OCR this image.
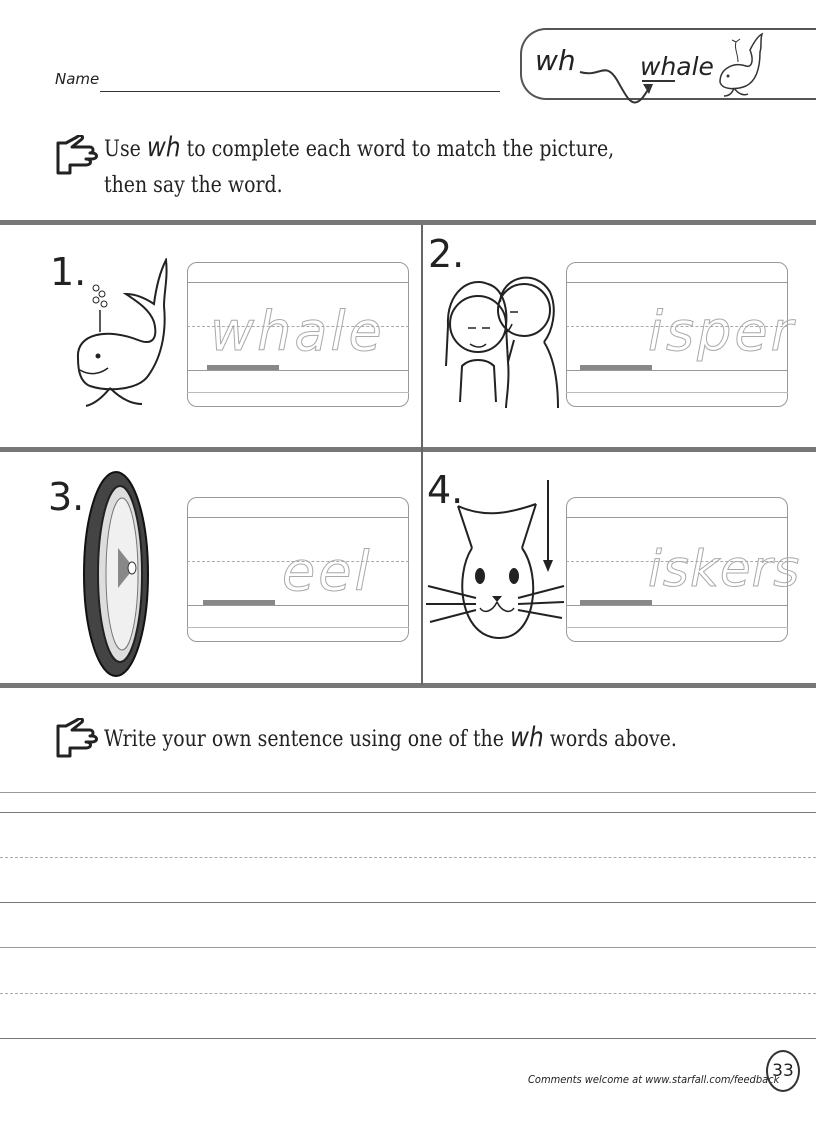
Name
wh	whale
Use wh to complete each word to match the picture,
then say the word.
1.
whale
2.
isper
3.
eel
4.
iskers
Write your own sentence using one of the wh words above.
Comments welcome at www.starfall.com/feedback
33
